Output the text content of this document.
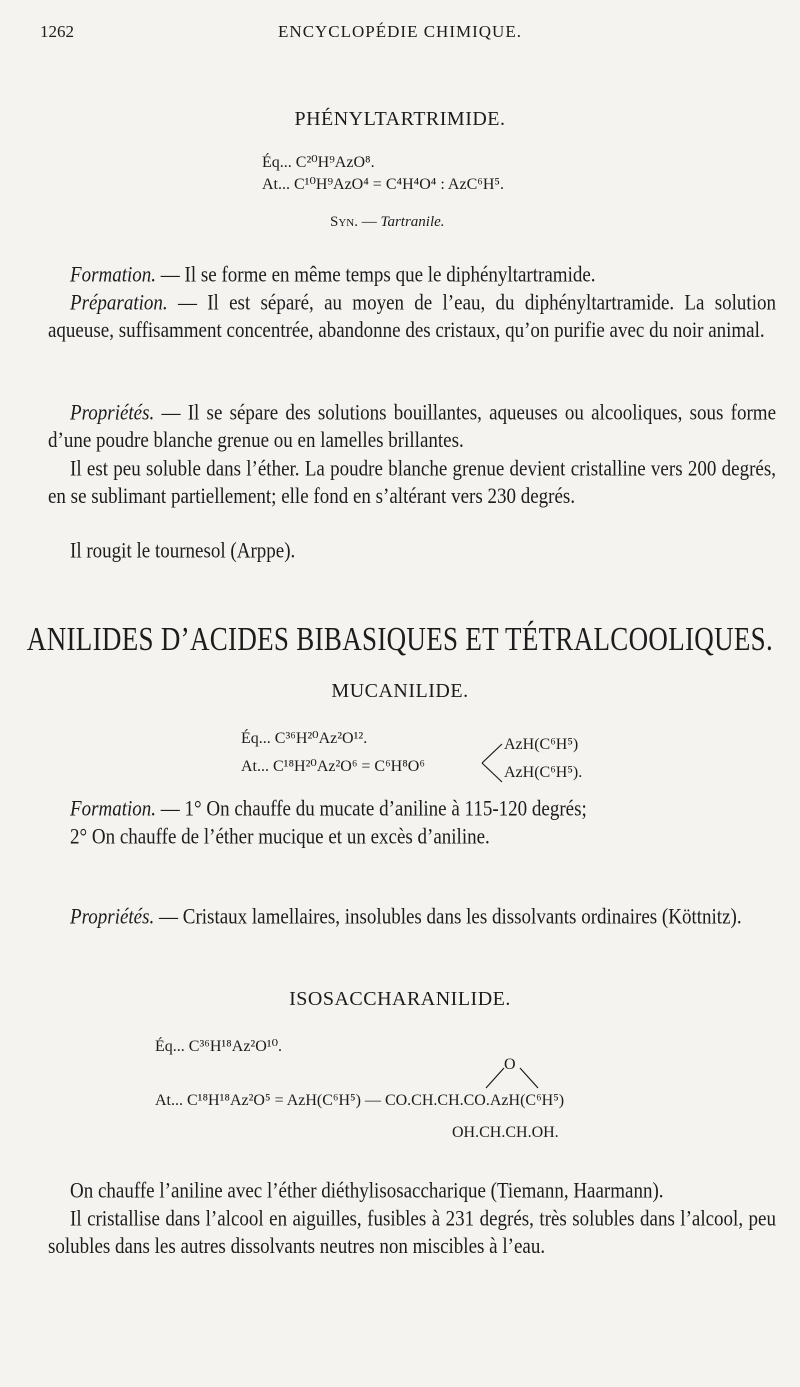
1262	ENCYCLOPÉDIE CHIMIQUE.
PHÉNYLTARTRIMIDE.
Éq... C²⁰H⁹AzO⁸.
At... C¹⁰H⁹AzO⁴ = C⁴H⁴O⁴ : AzC⁶H⁵.
Syn. — Tartranile.
Formation. — Il se forme en même temps que le diphényltartramide.
Préparation. — Il est séparé, au moyen de l’eau, du diphényltartramide. La solution aqueuse, suffisamment concentrée, abandonne des cristaux, qu’on purifie avec du noir animal.
Propriétés. — Il se sépare des solutions bouillantes, aqueuses ou alcooliques, sous forme d’une poudre blanche grenue ou en lamelles brillantes.
Il est peu soluble dans l’éther. La poudre blanche grenue devient cristalline vers 200 degrés, en se sublimant partiellement; elle fond en s’altérant vers 230 degrés.
Il rougit le tournesol (Arppe).
ANILIDES D’ACIDES BIBASIQUES ET TÉTRALCOOLIQUES.
MUCANILIDE.
Éq... C³⁶H²⁰Az²O¹².
At... C¹⁸H²⁰Az²O⁶ = C⁶H⁸O⁶
AzH(C⁶H⁵)
AzH(C⁶H⁵).
Formation. — 1° On chauffe du mucate d’aniline à 115-120 degrés;
2° On chauffe de l’éther mucique et un excès d’aniline.
Propriétés. — Cristaux lamellaires, insolubles dans les dissolvants ordinaires (Köttnitz).
ISOSACCHARANILIDE.
Éq... C³⁶H¹⁸Az²O¹⁰.
O
At... C¹⁸H¹⁸Az²O⁵ = AzH(C⁶H⁵) — CO.CH.CH.CO.AzH(C⁶H⁵)
OH.CH.CH.OH.
On chauffe l’aniline avec l’éther diéthylisosaccharique (Tiemann, Haarmann).
Il cristallise dans l’alcool en aiguilles, fusibles à 231 degrés, très solubles dans l’alcool, peu solubles dans les autres dissolvants neutres non miscibles à l’eau.
